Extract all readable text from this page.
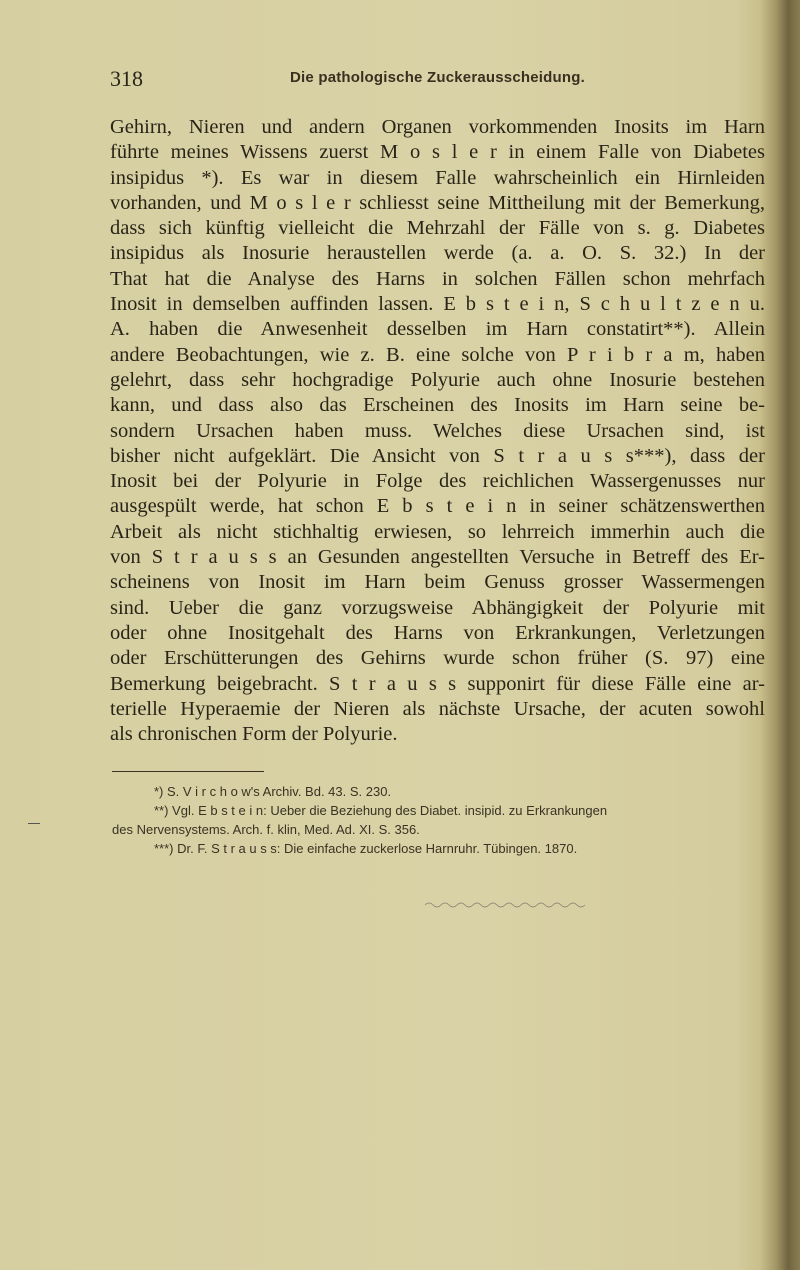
318	Die pathologische Zuckerausscheidung.
Gehirn, Nieren und andern Organen vorkommenden Inosits im Harn
führte meines Wissens zuerst M o s l e r in einem Falle von Diabetes
insipidus *). Es war in diesem Falle wahrscheinlich ein Hirnleiden
vorhanden, und M o s l e r schliesst seine Mittheilung mit der Bemerkung,
dass sich künftig vielleicht die Mehrzahl der Fälle von s. g. Diabetes
insipidus als Inosurie heraustellen werde (a. a. O. S. 32.) In der
That hat die Analyse des Harns in solchen Fällen schon mehrfach
Inosit in demselben auffinden lassen. E b s t e i n, S c h u l t z e n u.
A. haben die Anwesenheit desselben im Harn constatirt**). Allein
andere Beobachtungen, wie z. B. eine solche von P r i b r a m, haben
gelehrt, dass sehr hochgradige Polyurie auch ohne Inosurie bestehen
kann, und dass also das Erscheinen des Inosits im Harn seine be-
sondern Ursachen haben muss. Welches diese Ursachen sind, ist
bisher nicht aufgeklärt. Die Ansicht von S t r a u s s***), dass der
Inosit bei der Polyurie in Folge des reichlichen Wassergenusses nur
ausgespült werde, hat schon E b s t e i n in seiner schätzenswerthen
Arbeit als nicht stichhaltig erwiesen, so lehrreich immerhin auch die
von S t r a u s s an Gesunden angestellten Versuche in Betreff des Er-
scheinens von Inosit im Harn beim Genuss grosser Wassermengen
sind. Ueber die ganz vorzugsweise Abhängigkeit der Polyurie mit
oder ohne Inositgehalt des Harns von Erkrankungen, Verletzungen
oder Erschütterungen des Gehirns wurde schon früher (S. 97) eine
Bemerkung beigebracht. S t r a u s s supponirt für diese Fälle eine ar-
terielle Hyperaemie der Nieren als nächste Ursache, der acuten sowohl
als chronischen Form der Polyurie.
*) S. V i r c h o w's Archiv. Bd. 43. S. 230.
**) Vgl. E b s t e i n: Ueber die Beziehung des Diabet. insipid. zu Erkrankungen
des Nervensystems. Arch. f. klin, Med. Ad. XI. S. 356.
***) Dr. F. S t r a u s s: Die einfache zuckerlose Harnruhr. Tübingen. 1870.
